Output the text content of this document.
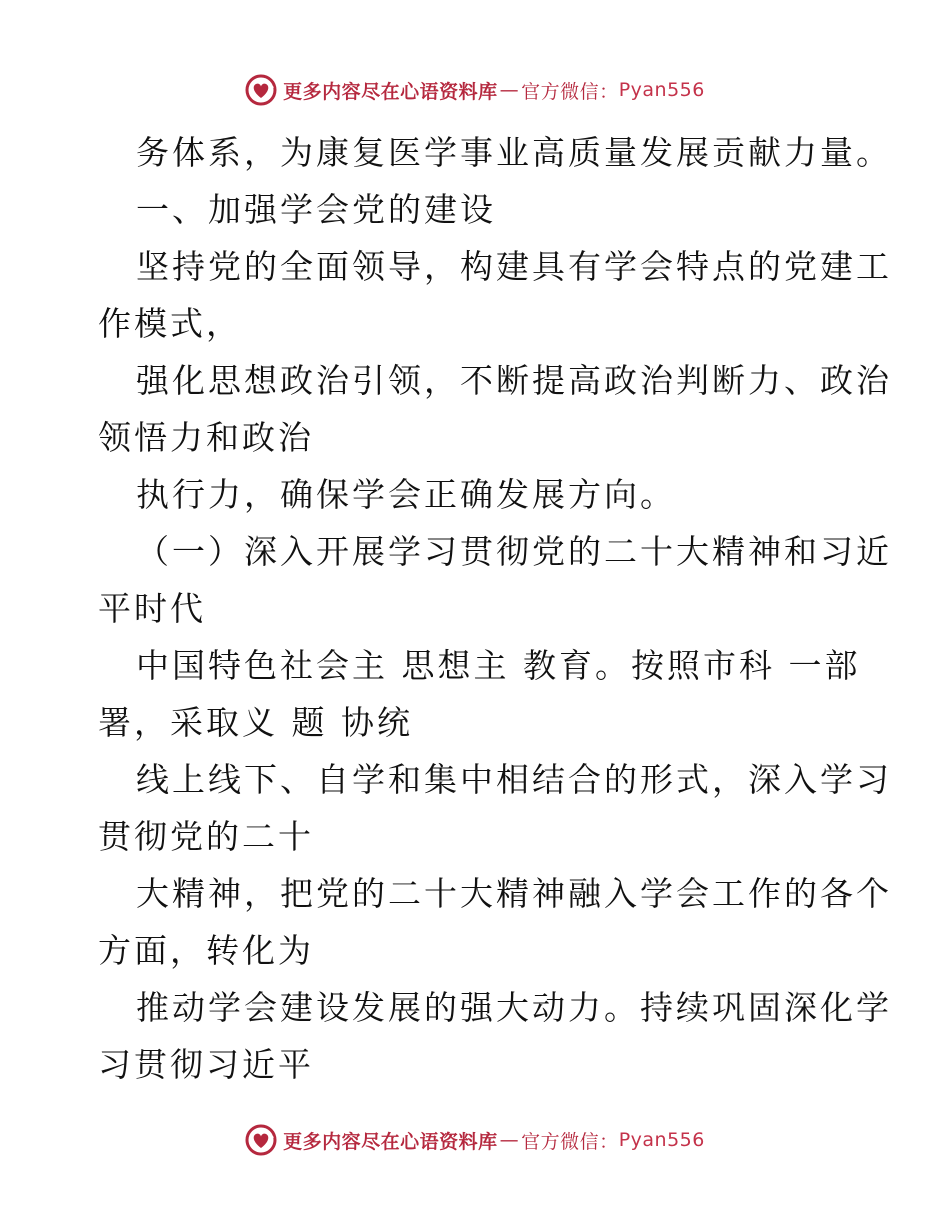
更多内容尽在心语资料库 — 官方微信： Pyan556
务体系，为康复医学事业高质量发展贡献力量。
一、加强学会党的建设
坚持党的全面领导，构建具有学会特点的党建工
作模式，
强化思想政治引领，不断提高政治判断力、政治
领悟力和政治
执行力，确保学会正确发展方向。
（一）深入开展学习贯彻党的二十大精神和习近
平时代
中国特色社会主 思想主 教育。按照市科 一部
署，采取义 题 协统
线上线下、自学和集中相结合的形式，深入学习
贯彻党的二十
大精神，把党的二十大精神融入学会工作的各个
方面，转化为
推动学会建设发展的强大动力。持续巩固深化学
习贯彻习近平
更多内容尽在心语资料库 — 官方微信： Pyan556
